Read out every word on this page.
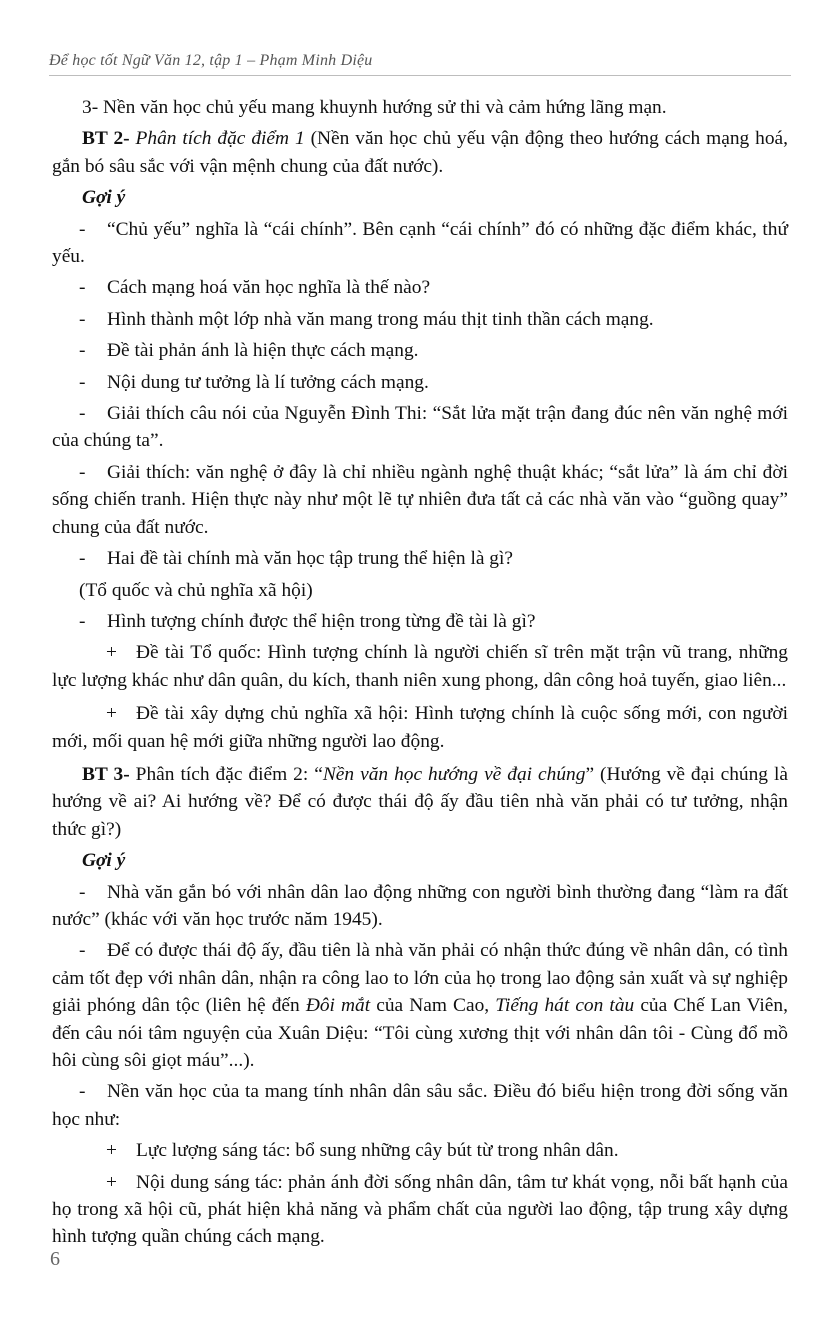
Để học tốt Ngữ Văn 12, tập 1 – Phạm Minh Diệu

3- Nền văn học chủ yếu mang khuynh hướng sử thi và cảm hứng lãng mạn.

BT 2- Phân tích đặc điểm 1 (Nền văn học chủ yếu vận động theo hướng cách mạng hoá, gắn bó sâu sắc với vận mệnh chung của đất nước).

Gợi ý

- “Chủ yếu” nghĩa là “cái chính”. Bên cạnh “cái chính” đó có những đặc điểm khác, thứ yếu.

- Cách mạng hoá văn học nghĩa là thế nào?

- Hình thành một lớp nhà văn mang trong máu thịt tinh thần cách mạng.

- Đề tài phản ánh là hiện thực cách mạng.

- Nội dung tư tưởng là lí tưởng cách mạng.

- Giải thích câu nói của Nguyễn Đình Thi: “Sắt lửa mặt trận đang đúc nên văn nghệ mới của chúng ta”.

- Giải thích: văn nghệ ở đây là chỉ nhiều ngành nghệ thuật khác; “sắt lửa” là ám chỉ đời sống chiến tranh. Hiện thực này như một lẽ tự nhiên đưa tất cả các nhà văn vào “guồng quay” chung của đất nước.

- Hai đề tài chính mà văn học tập trung thể hiện là gì?

(Tổ quốc và chủ nghĩa xã hội)

- Hình tượng chính được thể hiện trong từng đề tài là gì?

+ Đề tài Tổ quốc: Hình tượng chính là người chiến sĩ trên mặt trận vũ trang, những lực lượng khác như dân quân, du kích, thanh niên xung phong, dân công hoả tuyến, giao liên...

+ Đề tài xây dựng chủ nghĩa xã hội: Hình tượng chính là cuộc sống mới, con người mới, mối quan hệ mới giữa những người lao động.

BT 3- Phân tích đặc điểm 2: “Nền văn học hướng về đại chúng” (Hướng về đại chúng là hướng về ai? Ai hướng về? Để có được thái độ ấy đầu tiên nhà văn phải có tư tưởng, nhận thức gì?)

Gợi ý

- Nhà văn gắn bó với nhân dân lao động những con người bình thường đang “làm ra đất nước” (khác với văn học trước năm 1945).

- Để có được thái độ ấy, đầu tiên là nhà văn phải có nhận thức đúng về nhân dân, có tình cảm tốt đẹp với nhân dân, nhận ra công lao to lớn của họ trong lao động sản xuất và sự nghiệp giải phóng dân tộc (liên hệ đến Đôi mắt của Nam Cao, Tiếng hát con tàu của Chế Lan Viên, đến câu nói tâm nguyện của Xuân Diệu: “Tôi cùng xương thịt với nhân dân tôi - Cùng đổ mồ hôi cùng sôi giọt máu”...).

- Nền văn học của ta mang tính nhân dân sâu sắc. Điều đó biểu hiện trong đời sống văn học như:

+ Lực lượng sáng tác: bổ sung những cây bút từ trong nhân dân.

+ Nội dung sáng tác: phản ánh đời sống nhân dân, tâm tư khát vọng, nỗi bất hạnh của họ trong xã hội cũ, phát hiện khả năng và phẩm chất của người lao động, tập trung xây dựng hình tượng quần chúng cách mạng.

6
